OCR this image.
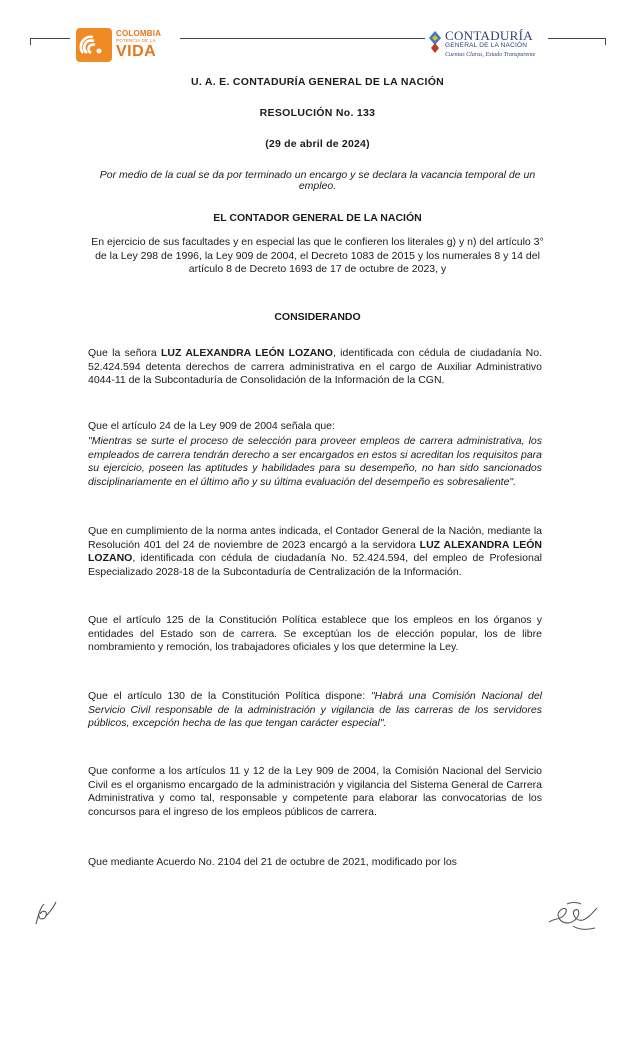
COLOMBIA
POTENCIA DE LA
VIDA
CONTADURÍA
GENERAL DE LA NACIÓN
Cuentas Claras, Estado Transparente
U. A. E. CONTADURÍA GENERAL DE LA NACIÓN
RESOLUCIÓN No. 133
(29 de abril de 2024)
Por medio de la cual se da por terminado un encargo y se declara la vacancia temporal de un empleo.
EL CONTADOR GENERAL DE LA NACIÓN
En ejercicio de sus facultades y en especial las que le confieren los literales g) y n) del artículo 3° de la Ley 298 de 1996, la Ley 909 de 2004, el Decreto 1083 de 2015 y los numerales 8 y 14 del artículo 8 de Decreto 1693 de 17 de octubre de 2023, y
CONSIDERANDO
Que la señora LUZ ALEXANDRA LEÓN LOZANO, identificada con cédula de ciudadanía No. 52.424.594 detenta derechos de carrera administrativa en el cargo de Auxiliar Administrativo 4044-11 de la Subcontaduría de Consolidación de la Información de la CGN.
Que el artículo 24 de la Ley 909 de 2004 señala que:
"Mientras se surte el proceso de selección para proveer empleos de carrera administrativa, los empleados de carrera tendrán derecho a ser encargados en estos si acreditan los requisitos para su ejercicio, poseen las aptitudes y habilidades para su desempeño, no han sido sancionados disciplinariamente en el último año y su última evaluación del desempeño es sobresaliente".
Que en cumplimiento de la norma antes indicada, el Contador General de la Nación, mediante la Resolución 401 del 24 de noviembre de 2023 encargó a la servidora LUZ ALEXANDRA LEÓN LOZANO, identificada con cédula de ciudadanía No. 52.424.594, del empleo de Profesional Especializado 2028-18 de la Subcontaduría de Centralización de la Información.
Que el artículo 125 de la Constitución Política establece que los empleos en los órganos y entidades del Estado son de carrera. Se exceptúan los de elección popular, los de libre nombramiento y remoción, los trabajadores oficiales y los que determine la Ley.
Que el artículo 130 de la Constitución Política dispone: "Habrá una Comisión Nacional del Servicio Civil responsable de la administración y vigilancia de las carreras de los servidores públicos, excepción hecha de las que tengan carácter especial".
Que conforme a los artículos 11 y 12 de la Ley 909 de 2004, la Comisión Nacional del Servicio Civil es el organismo encargado de la administración y vigilancia del Sistema General de Carrera Administrativa y como tal, responsable y competente para elaborar las convocatorias de los concursos para el ingreso de los empleos públicos de carrera.
Que mediante Acuerdo No. 2104 del 21 de octubre de 2021, modificado por los
